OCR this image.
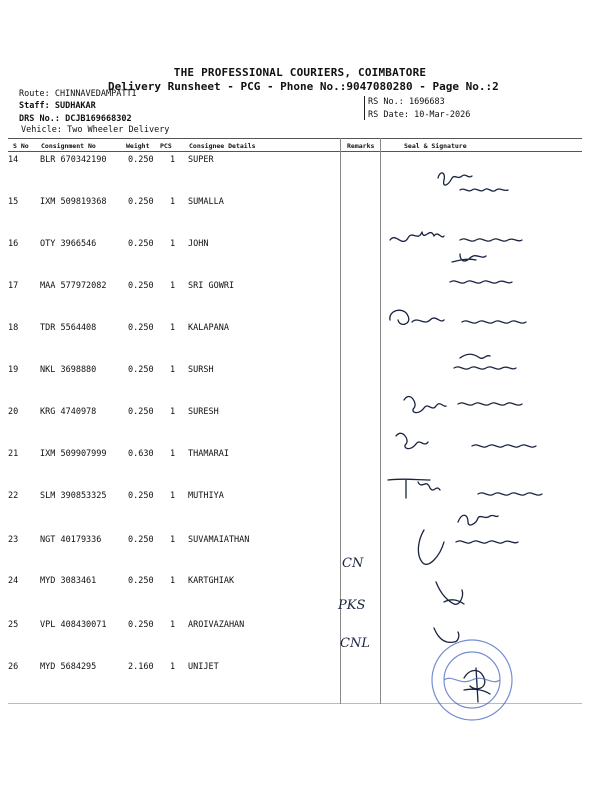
THE PROFESSIONAL COURIERS, COIMBATORE
Delivery Runsheet - PCG - Phone No.:9047080280 - Page No.:2
Route: CHINNAVEDAMPATTI
Staff: SUDHAKAR
DRS No.: DCJB169668302
Vehicle: Two Wheeler Delivery
RS No.: 1696683
RS Date: 10-Mar-2026
S No Consignment No	Weight PCS	Consignee Details	Remarks	Seal & Signature
14	BLR 670342190	0.250 1 SUPER
15	IXM 509819368	0.250 1 SUMALLA
16	OTY 3966546	0.250 1 JOHN
17	MAA 577972082	0.250 1 SRI GOWRI
18	TDR 5564408	0.250 1 KALAPANA
19	NKL 3698880	0.250 1 SURSH
20	KRG 4740978	0.250 1 SURESH
21	IXM 509907999	0.630 1 THAMARAI
22	SLM 390853325	0.250 1 MUTHIYA
23	NGT 40179336	0.250 1 SUVAMAIATHAN
24	MYD 3083461	0.250 1 KARTGHIAK
25	VPL 408430071	0.250 1 AROIVAZAHAN
26	MYD 5684295	2.160 1 UNIJET
CN
PKS
CNL
